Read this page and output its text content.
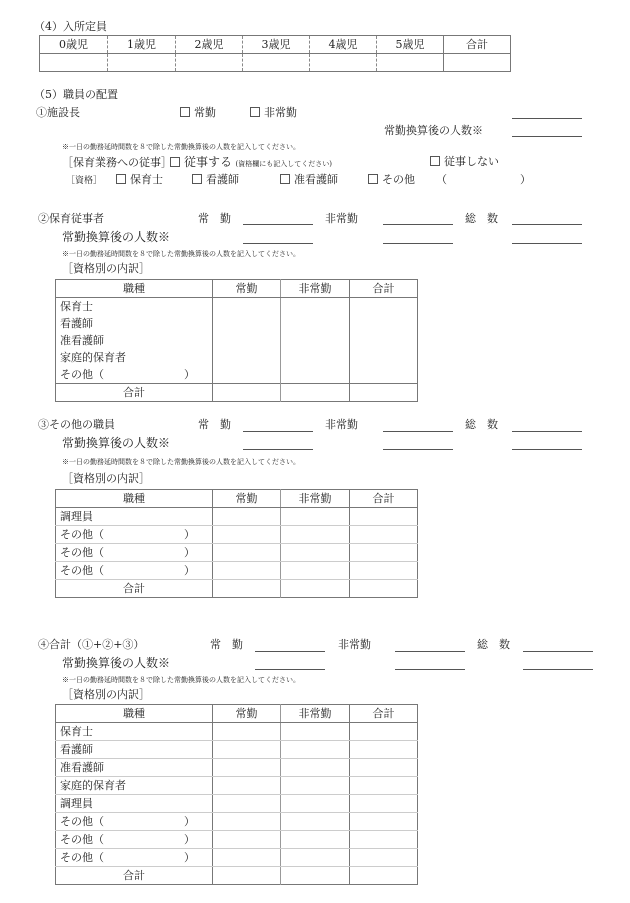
（4）入所定員
0歳児	1歳児	2歳児	3歳児	4歳児	5歳児	合計

（5）職員の配置
①施設長	常勤	非常勤
常勤換算後の人数※
※一日の勤務延時間数を８で除した常勤換算後の人数を記入してください。
［保育業務への従事］	従事する (資格欄にも記入してください)	従事しない
［資格］	保育士	看護師	准看護師	その他 （	）
②保育従事者	常　勤	非常勤	総　数
常勤換算後の人数※
※一日の勤務延時間数を８で除した常勤換算後の人数を記入してください。
［資格別の内訳］
職種	常勤	非常勤	合計
保育士			
看護師			
准看護師			
家庭的保育者			
その他（ ）			

合計			
③その他の職員	常　勤	非常勤	総　数
常勤換算後の人数※
※一日の勤務延時間数を８で除した常勤換算後の人数を記入してください。
［資格別の内訳］
職種	常勤	非常勤	合計
調理員			
その他（ ）			

その他（ ）			

その他（ ）			

合計			
④合計（①+②+③）	常　勤	非常勤	総　数
常勤換算後の人数※
※一日の勤務延時間数を８で除した常勤換算後の人数を記入してください。
［資格別の内訳］
職種	常勤	非常勤	合計
保育士			
看護師			
准看護師			
家庭的保育者			
調理員			
その他（ ）			

その他（ ）			

その他（ ）			

合計			
